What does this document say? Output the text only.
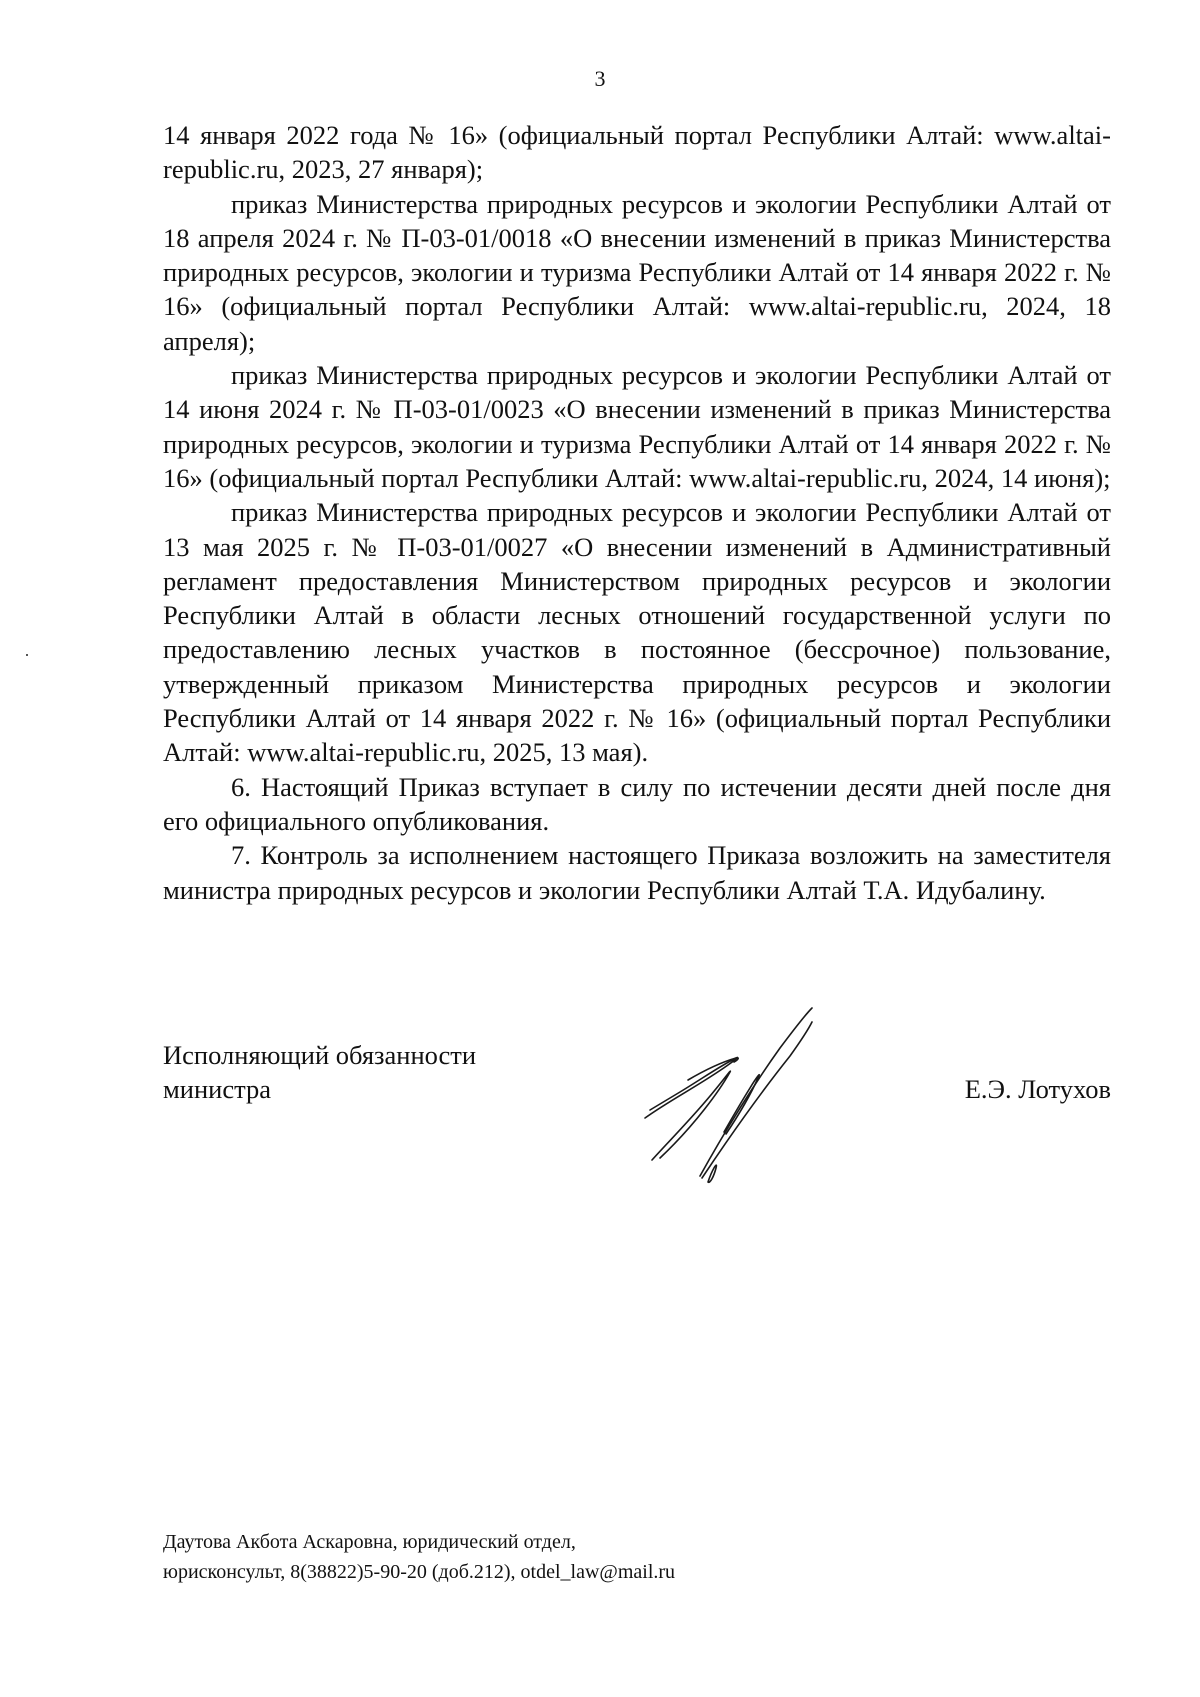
3

14 января 2022 года № 16» (официальный портал Республики Алтай: www.altai-republic.ru, 2023, 27 января);

приказ Министерства природных ресурсов и экологии Республики Алтай от 18 апреля 2024 г. № П-03-01/0018 «О внесении изменений в приказ Министерства природных ресурсов, экологии и туризма Республики Алтай от 14 января 2022 г. № 16» (официальный портал Республики Алтай: www.altai-republic.ru, 2024, 18 апреля);

приказ Министерства природных ресурсов и экологии Республики Алтай от 14 июня 2024 г. № П-03-01/0023 «О внесении изменений в приказ Министерства природных ресурсов, экологии и туризма Республики Алтай от 14 января 2022 г. № 16» (официальный портал Республики Алтай: www.altai-republic.ru, 2024, 14 июня);

приказ Министерства природных ресурсов и экологии Республики Алтай от 13 мая 2025 г. № П-03-01/0027 «О внесении изменений в Административный регламент предоставления Министерством природных ресурсов и экологии Республики Алтай в области лесных отношений государственной услуги по предоставлению лесных участков в постоянное (бессрочное) пользование, утвержденный приказом Министерства природных ресурсов и экологии Республики Алтай от 14 января 2022 г. № 16» (официальный портал Республики Алтай: www.altai-republic.ru, 2025, 13 мая).

6. Настоящий Приказ вступает в силу по истечении десяти дней после дня его официального опубликования.

7. Контроль за исполнением настоящего Приказа возложить на заместителя министра природных ресурсов и экологии Республики Алтай Т.А. Идубалину.

Исполняющий обязанности
министра	Е.Э. Лотухов
Даутова Акбота Аскаровна, юридический отдел,
юрисконсульт, 8(38822)5-90-20 (доб.212), otdel_law@mail.ru
